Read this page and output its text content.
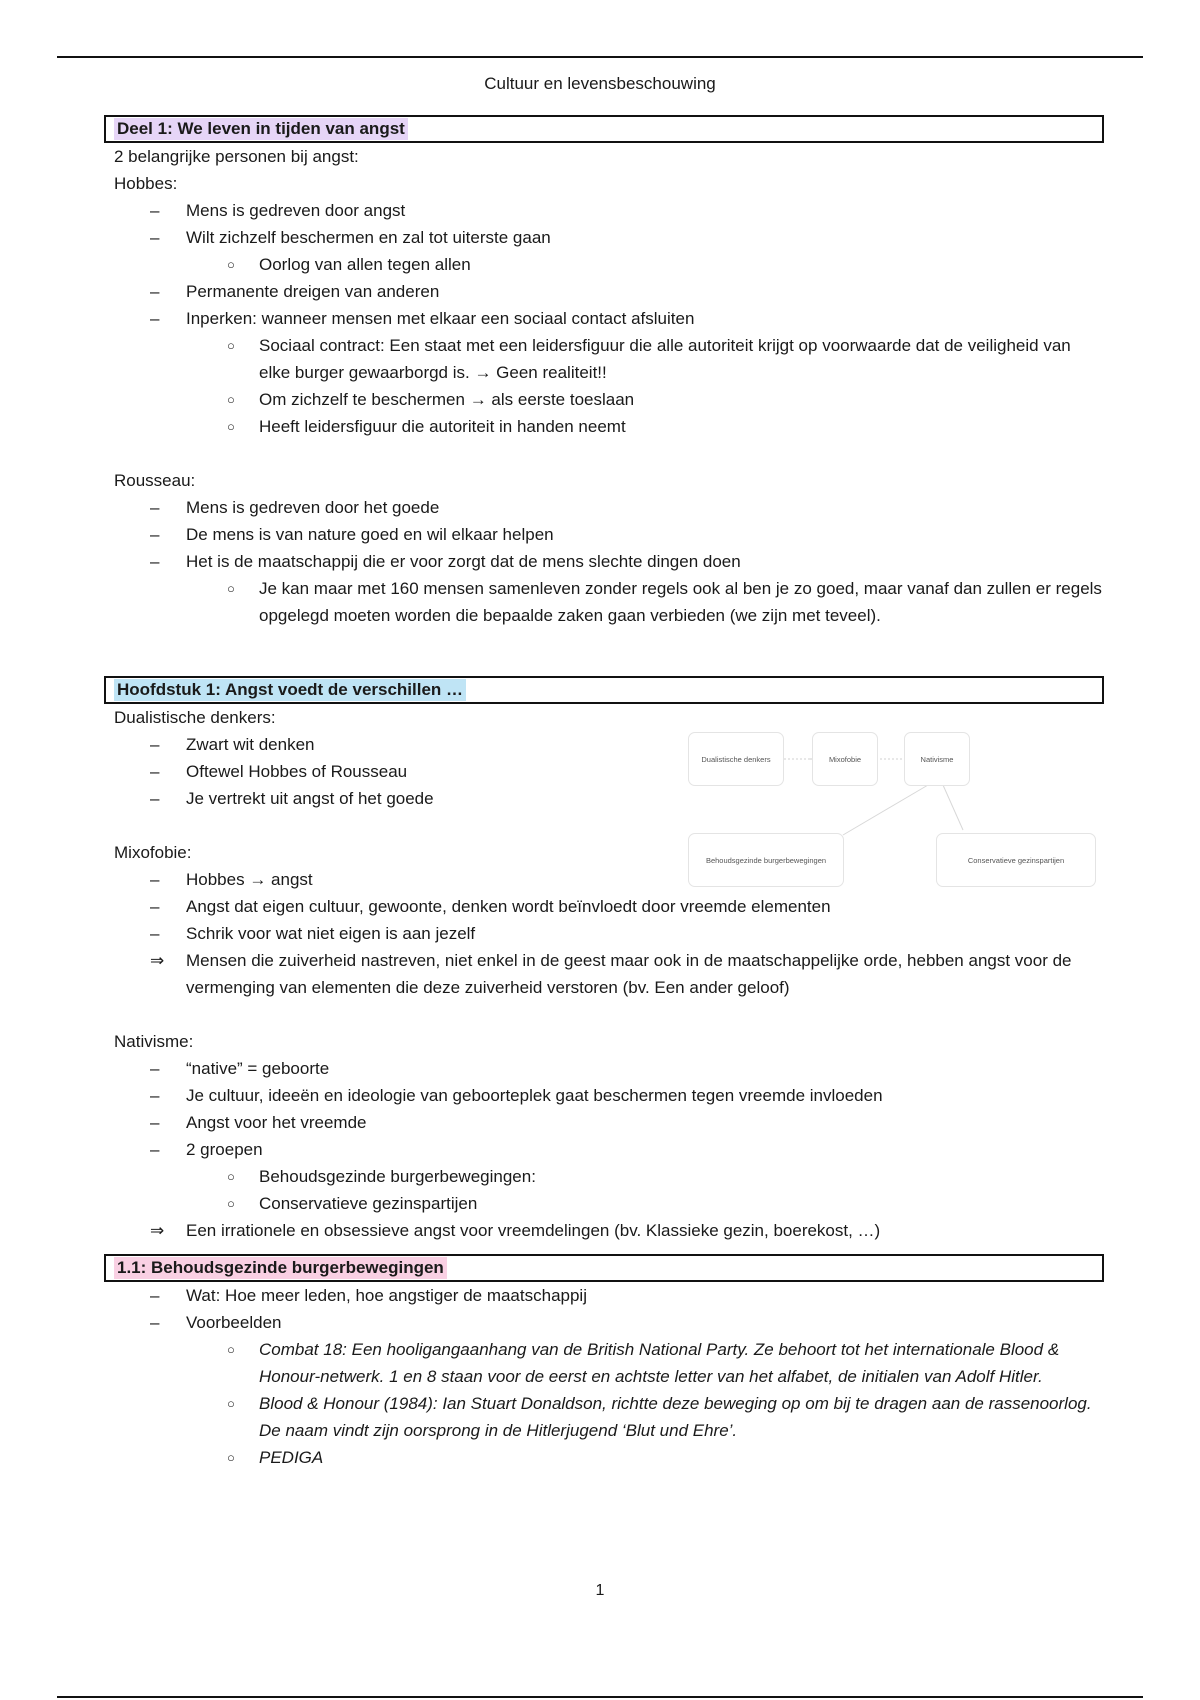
Cultuur en levensbeschouwing
Deel 1: We leven in tijden van angst
2 belangrijke personen bij angst:
Hobbes:
– Mens is gedreven door angst
– Wilt zichzelf beschermen en zal tot uiterste gaan
○ Oorlog van allen tegen allen
– Permanente dreigen van anderen
– Inperken: wanneer mensen met elkaar een sociaal contact afsluiten
○ Sociaal contract: Een staat met een leidersfiguur die alle autoriteit krijgt op voorwaarde dat de veiligheid van elke burger gewaarborgd is. → Geen realiteit!!
○ Om zichzelf te beschermen → als eerste toeslaan
○ Heeft leidersfiguur die autoriteit in handen neemt
Rousseau:
– Mens is gedreven door het goede
– De mens is van nature goed en wil elkaar helpen
– Het is de maatschappij die er voor zorgt dat de mens slechte dingen doen
○ Je kan maar met 160 mensen samenleven zonder regels ook al ben je zo goed, maar vanaf dan zullen er regels opgelegd moeten worden die bepaalde zaken gaan verbieden (we zijn met teveel).
Hoofdstuk 1: Angst voedt de verschillen …
Dualistische denkers:
– Zwart wit denken
– Oftewel Hobbes of Rousseau
– Je vertrekt uit angst of het goede
Mixofobie:
– Hobbes → angst
– Angst dat eigen cultuur, gewoonte, denken wordt beïnvloedt door vreemde elementen
– Schrik voor wat niet eigen is aan jezelf
⇒ Mensen die zuiverheid nastreven, niet enkel in de geest maar ook in de maatschappelijke orde, hebben angst voor de vermenging van elementen die deze zuiverheid verstoren (bv. Een ander geloof)
Nativisme:
– “native” = geboorte
– Je cultuur, ideeën en ideologie van geboorteplek gaat beschermen tegen vreemde invloeden
– Angst voor het vreemde
– 2 groepen
○ Behoudsgezinde burgerbewegingen:
○ Conservatieve gezinspartijen
⇒ Een irrationele en obsessieve angst voor vreemdelingen (bv. Klassieke gezin, boerekost, …)
1.1: Behoudsgezinde burgerbewegingen
– Wat: Hoe meer leden, hoe angstiger de maatschappij
– Voorbeelden
○ Combat 18: Een hooligangaanhang van de British National Party. Ze behoort tot het internationale Blood & Honour-netwerk. 1 en 8 staan voor de eerst en achtste letter van het alfabet, de initialen van Adolf Hitler.
○ Blood & Honour (1984): Ian Stuart Donaldson, richtte deze beweging op om bij te dragen aan de rassenoorlog. De naam vindt zijn oorsprong in de Hitlerjugend ‘Blut und Ehre’.
○ PEDIGA
Dualistische denkers	Mixofobie	Nativisme
Behoudsgezinde burgerbewegingen	Conservatieve gezinspartijen
1
